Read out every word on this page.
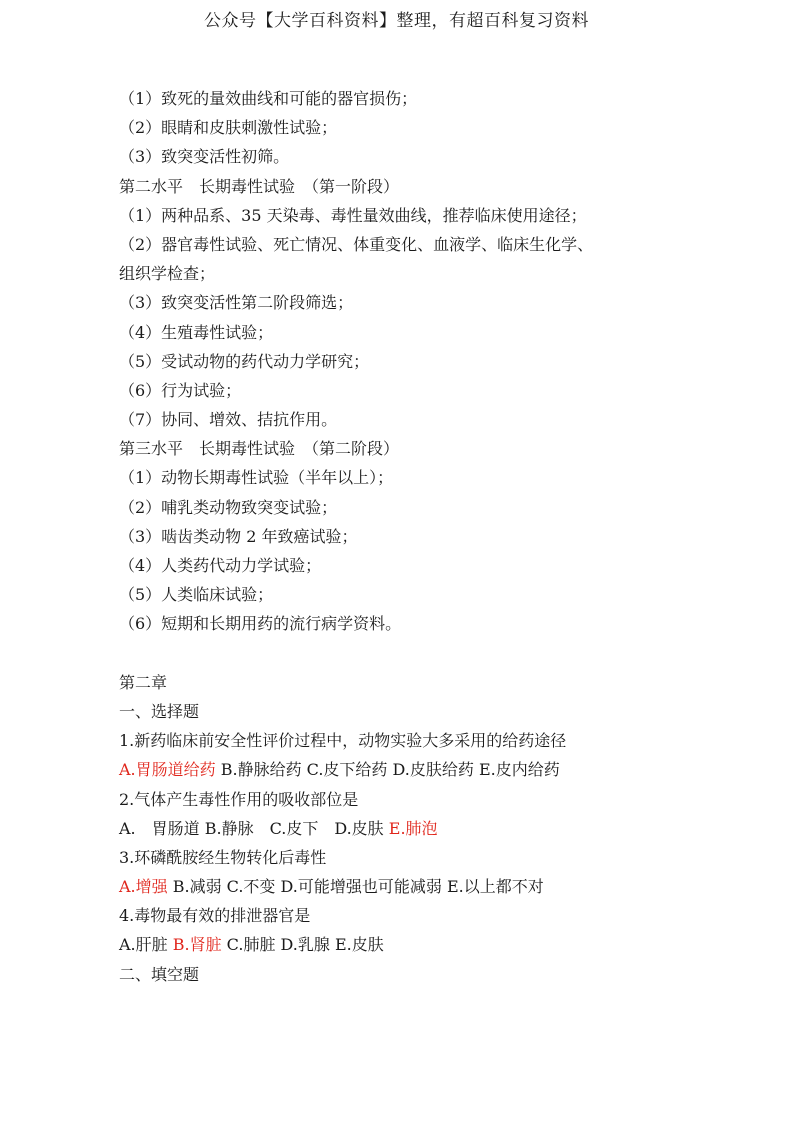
公众号【大学百科资料】整理，有超百科复习资料
（1）致死的量效曲线和可能的器官损伤；
（2）眼睛和皮肤刺激性试验；
（3）致突变活性初筛。
第二水平　长期毒性试验　（第一阶段）
（1）两种品系、35 天染毒、毒性量效曲线，推荐临床使用途径；
（2）器官毒性试验、死亡情况、体重变化、血液学、临床生化学、
组织学检查；
（3）致突变活性第二阶段筛选；
（4）生殖毒性试验；
（5）受试动物的药代动力学研究；
（6）行为试验；
（7）协同、增效、拮抗作用。
第三水平　长期毒性试验　（第二阶段）
（1）动物长期毒性试验（半年以上）；
（2）哺乳类动物致突变试验；
（3）啮齿类动物 2 年致癌试验；
（4）人类药代动力学试验；
（5）人类临床试验；
（6）短期和长期用药的流行病学资料。
第二章
一、选择题
1.新药临床前安全性评价过程中，动物实验大多采用的给药途径
A.胃肠道给药 B.静脉给药 C.皮下给药 D.皮肤给药 E.皮内给药
2.气体产生毒性作用的吸收部位是
A.　胃肠道 B.静脉　C.皮下　D.皮肤 E.肺泡
3.环磷酰胺经生物转化后毒性
A.增强 B.减弱 C.不变 D.可能增强也可能减弱 E.以上都不对
4.毒物最有效的排泄器官是
A.肝脏 B.肾脏 C.肺脏 D.乳腺 E.皮肤
二、填空题
